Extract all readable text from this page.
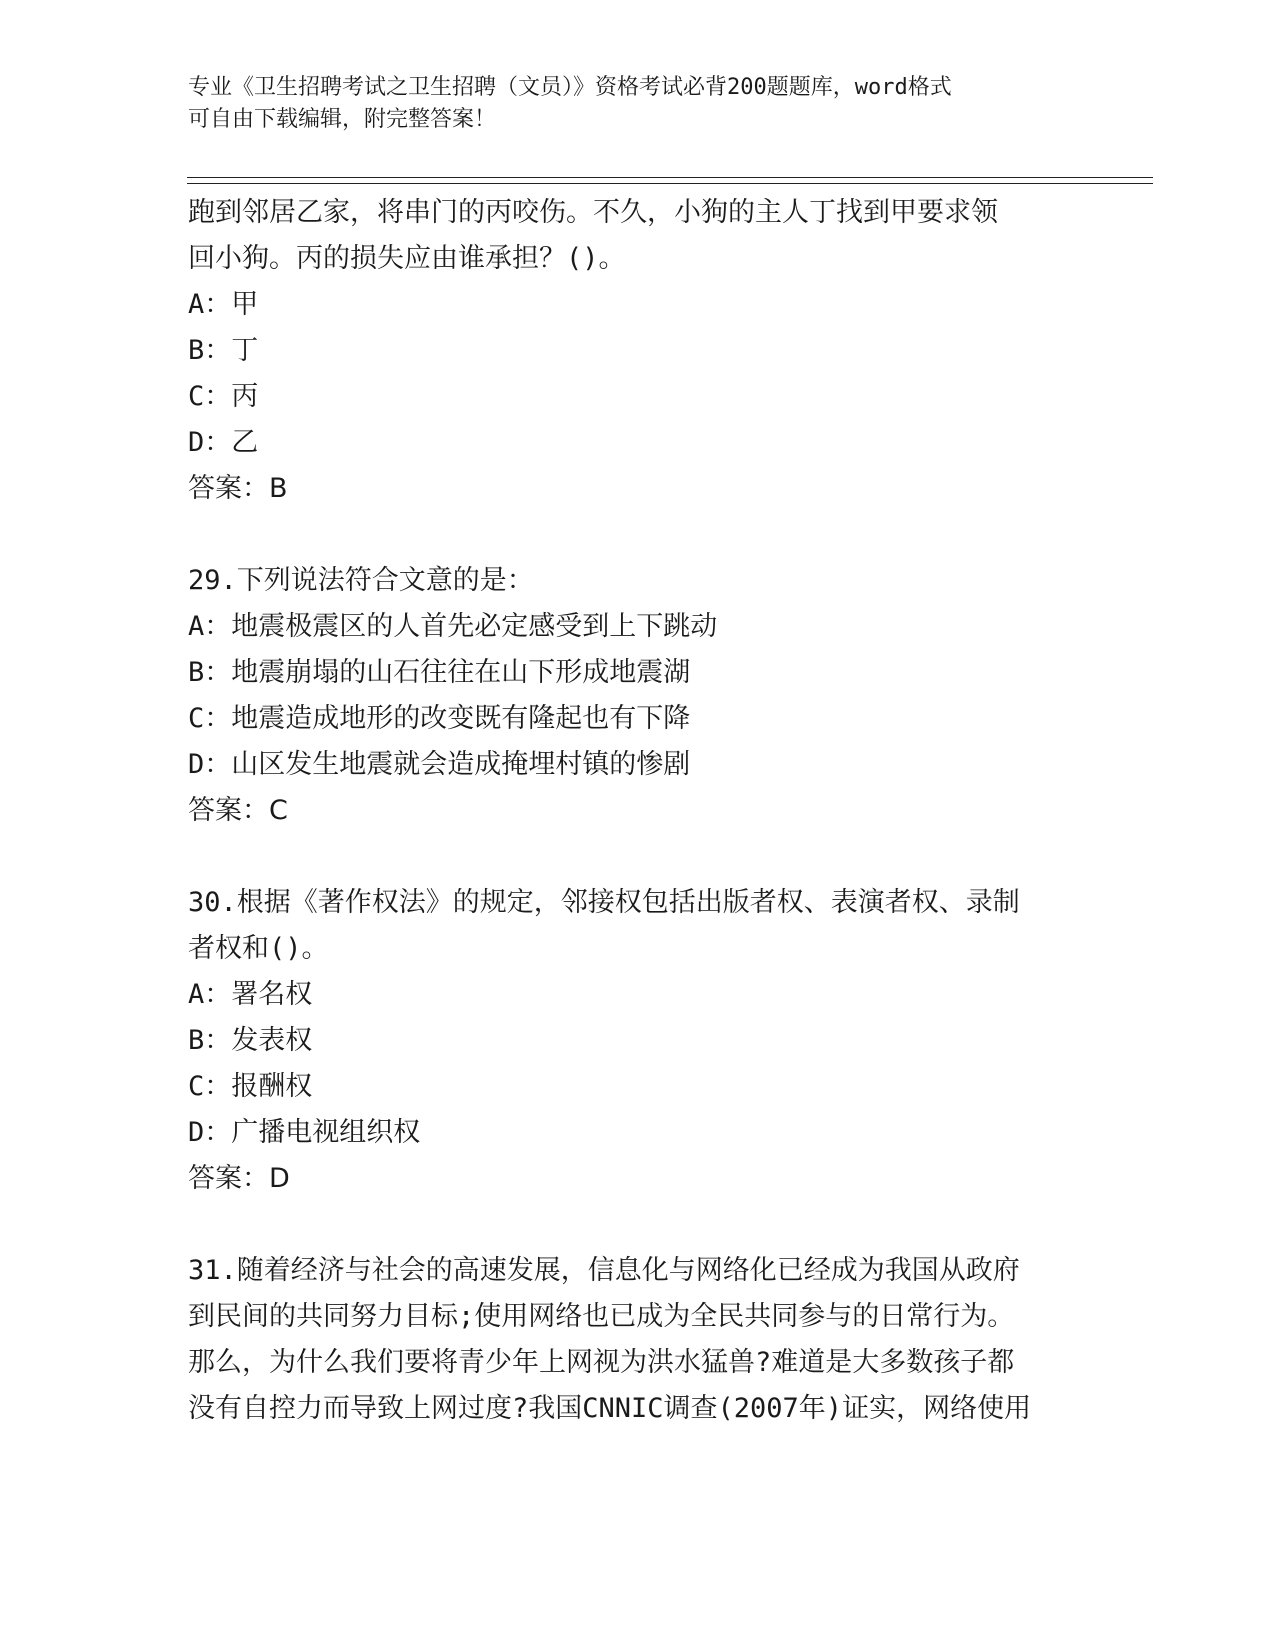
专业《卫生招聘考试之卫生招聘（文员）》资格考试必背200题题库，word格式
可自由下载编辑，附完整答案！
跑到邻居乙家，将串门的丙咬伤。不久，小狗的主人丁找到甲要求领
回小狗。丙的损失应由谁承担？()。
A：甲
B：丁
C：丙
D：乙
答案：B
29.下列说法符合文意的是：
A：地震极震区的人首先必定感受到上下跳动
B：地震崩塌的山石往往在山下形成地震湖
C：地震造成地形的改变既有隆起也有下降
D：山区发生地震就会造成掩埋村镇的惨剧
答案：C
30.根据《著作权法》的规定，邻接权包括出版者权、表演者权、录制
者权和()。
A：署名权
B：发表权
C：报酬权
D：广播电视组织权
答案：D
31.随着经济与社会的高速发展，信息化与网络化已经成为我国从政府
到民间的共同努力目标;使用网络也已成为全民共同参与的日常行为。
那么，为什么我们要将青少年上网视为洪水猛兽?难道是大多数孩子都
没有自控力而导致上网过度?我国CNNIC调查(2007年)证实，网络使用
